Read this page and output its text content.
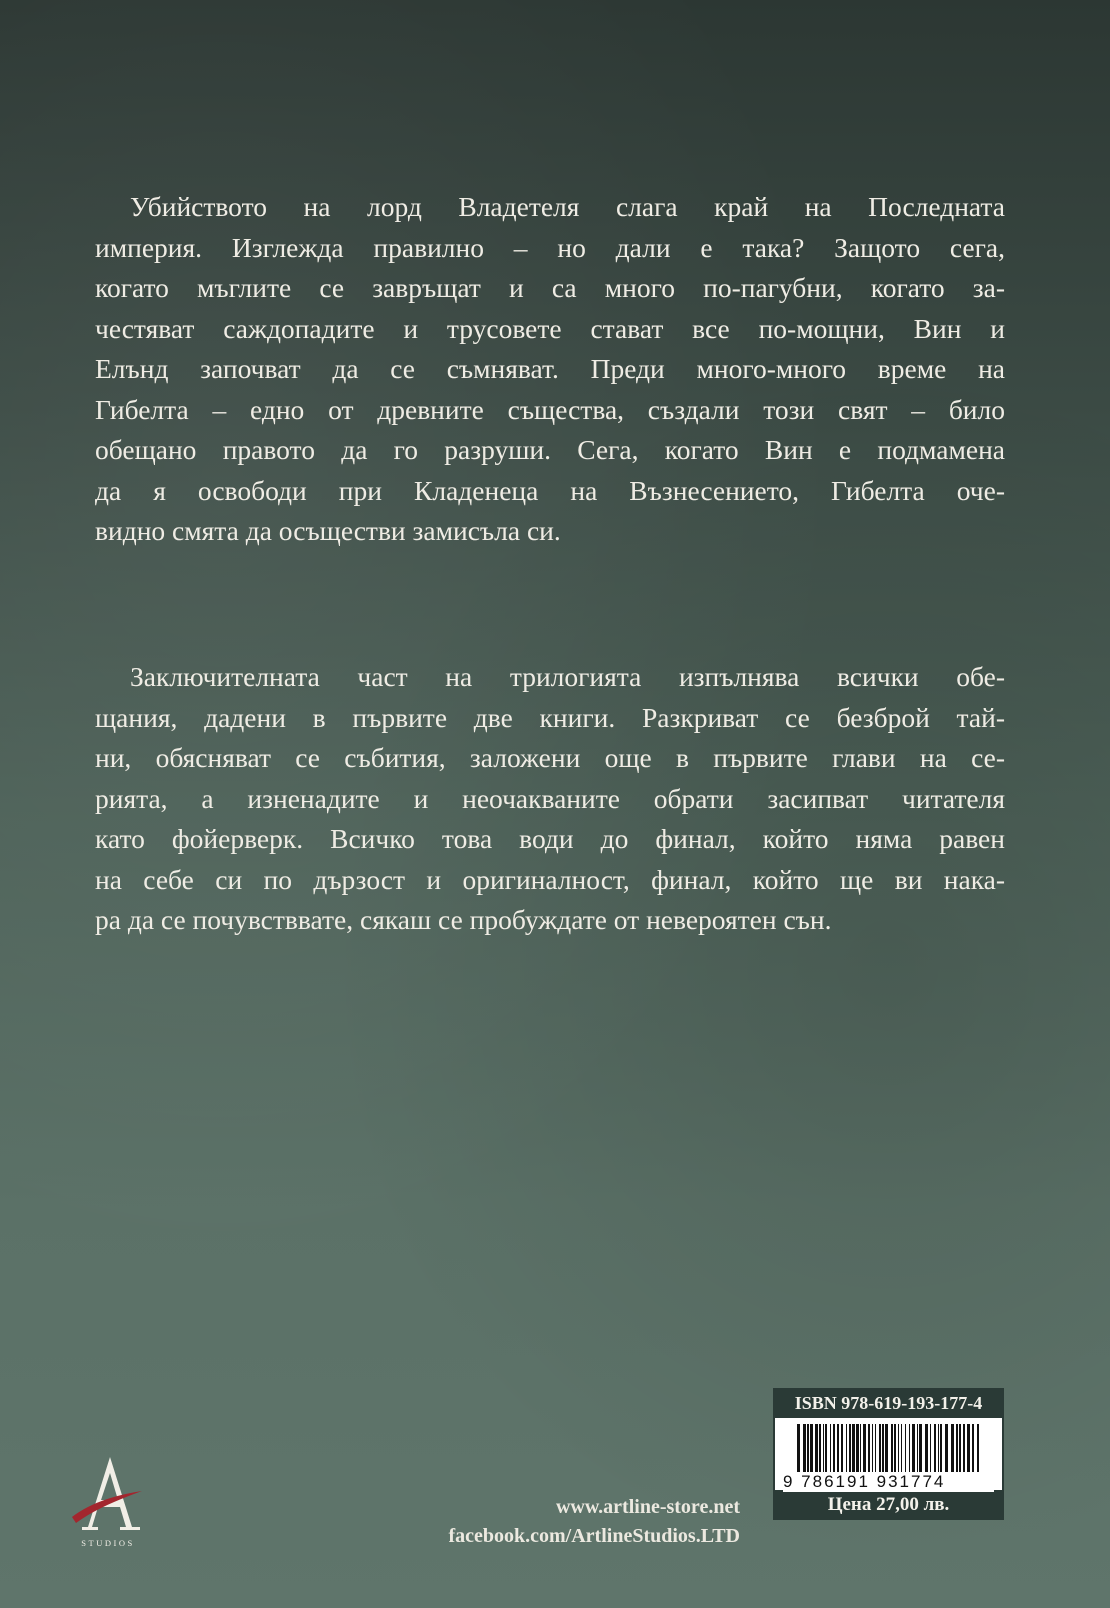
Убийството на лорд Владетеля слага край на Последната
империя. Изглежда правилно – но дали е така? Защото сега,
когато мъглите се завръщат и са много по-пагубни, когато за-
честяват саждопадите и трусовете стават все по-мощни, Вин и
Елънд започват да се съмняват. Преди много-много време на
Гибелта – едно от древните същества, създали този свят – било
обещано правото да го разруши. Сега, когато Вин е подмамена
да я освободи при Кладенеца на Възнесението, Гибелта оче-
видно смята да осъществи замисъла си.
Заключителната част на трилогията изпълнява всички обе-
щания, дадени в първите две книги. Разкриват се безброй тай-
ни, обясняват се събития, заложени още в първите глави на се-
рията, а изненадите и неочакваните обрати засипват читателя
като фойерверк. Всичко това води до финал, който няма равен
на себе си по дързост и оригиналност, финал, който ще ви нака-
ра да се почувстввате, сякаш се пробуждате от невероятен сън.
STUDIOS
www.artline-store.net
facebook.com/ArtlineStudios.LTD
ISBN 978-619-193-177-4
9 786191 931774
Цена 27,00 лв.
